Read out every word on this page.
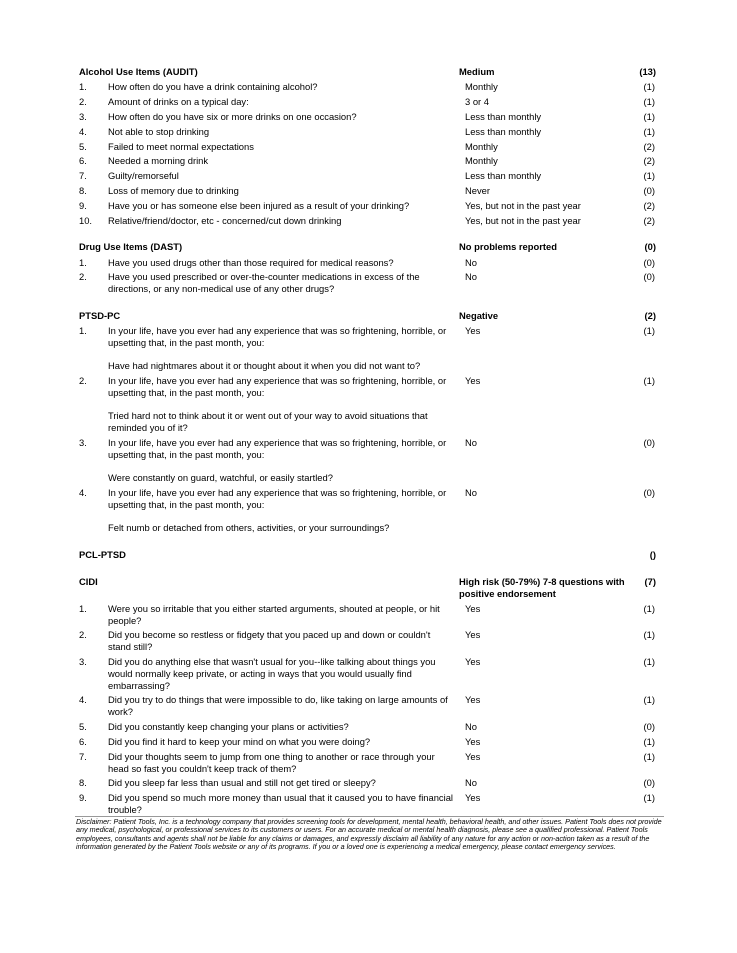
Alcohol Use Items (AUDIT)	Medium	(13)
1. How often do you have a drink containing alcohol?	Monthly	(1)
2. Amount of drinks on a typical day:	3 or 4	(1)
3. How often do you have six or more drinks on one occasion?	Less than monthly	(1)
4. Not able to stop drinking	Less than monthly	(1)
5. Failed to meet normal expectations	Monthly	(2)
6. Needed a morning drink	Monthly	(2)
7. Guilty/remorseful	Less than monthly	(1)
8. Loss of memory due to drinking	Never	(0)
9. Have you or has someone else been injured as a result of your drinking?	Yes, but not in the past year	(2)
10. Relative/friend/doctor, etc - concerned/cut down drinking	Yes, but not in the past year	(2)
Drug Use Items (DAST)	No problems reported	(0)
1. Have you used drugs other than those required for medical reasons?	No	(0)
2. Have you used prescribed or over-the-counter medications in excess of the directions, or any non-medical use of any other drugs?
No	(0)
PTSD-PC	Negative	(2)
1. In your life, have you ever had any experience that was so frightening, horrible, or upsetting that, in the past month, you:
Have had nightmares about it or thought about it when you did not want to?
Yes	(1)
2. In your life, have you ever had any experience that was so frightening, horrible, or upsetting that, in the past month, you:
Tried hard not to think about it or went out of your way to avoid situations that reminded you of it?
Yes	(1)
3. In your life, have you ever had any experience that was so frightening, horrible, or upsetting that, in the past month, you:
Were constantly on guard, watchful, or easily startled?
No	(0)
4. In your life, have you ever had any experience that was so frightening, horrible, or upsetting that, in the past month, you:
Felt numb or detached from others, activities, or your surroundings?
No	(0)
PCL-PTSD	()
CIDI	High risk (50-79%) 7-8 questions with positive endorsement
(7)
1. Were you so irritable that you either started arguments, shouted at people, or hit people?
Yes	(1)
2. Did you become so restless or fidgety that you paced up and down or couldn't stand still?
Yes	(1)
3. Did you do anything else that wasn't usual for you--like talking about things you would normally keep private, or acting in ways that you would usually find embarrassing?
Yes	(1)
4. Did you try to do things that were impossible to do, like taking on large amounts of work?
Yes	(1)
5. Did you constantly keep changing your plans or activities?	No	(0)
6. Did you find it hard to keep your mind on what you were doing?	Yes	(1)
7. Did your thoughts seem to jump from one thing to another or race through your head so fast you couldn't keep track of them?
Yes	(1)
8. Did you sleep far less than usual and still not get tired or sleepy?	No	(0)
9. Did you spend so much more money than usual that it caused you to have financial trouble?
Yes	(1)
Disclaimer: Patient Tools, Inc. is a technology company that provides screening tools for development, mental health, behavioral health, and other issues. Patient Tools does not provide any medical, psychological, or professional services to its customers or users. For an accurate medical or mental health diagnosis, please see a qualified professional. Patient Tools employees, consultants and agents shall not be liable for any claims or damages, and expressly disclaim all liability of any nature for any action or non-action taken as a result of the information generated by the Patient Tools website or any of its programs. If you or a loved one is experiencing a medical emergency, please contact emergency services.
